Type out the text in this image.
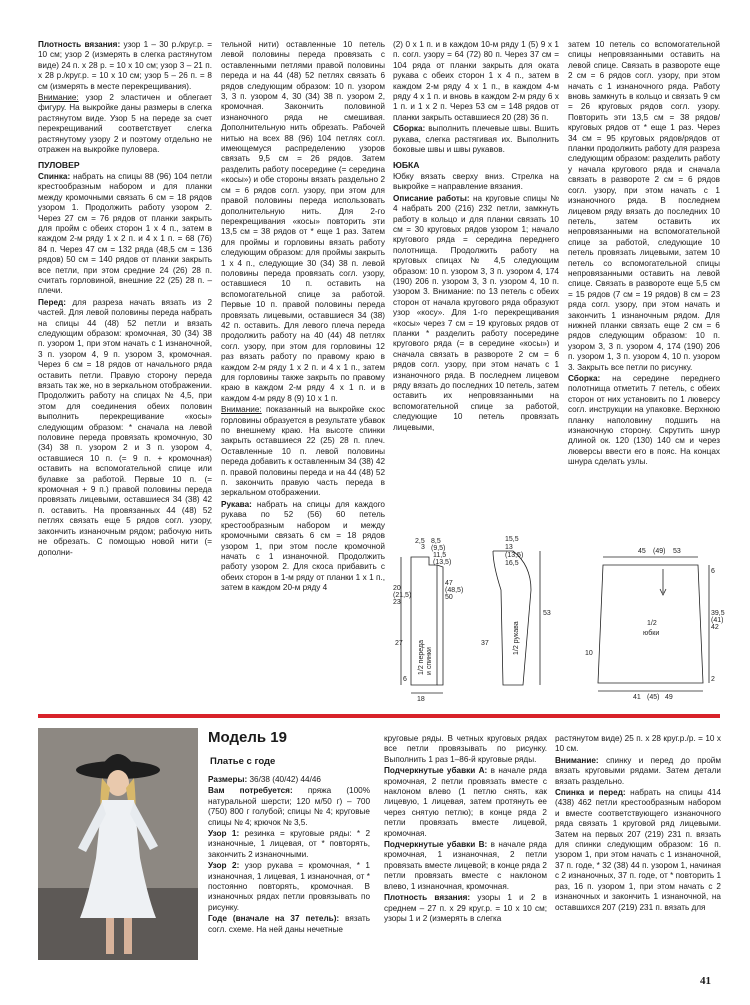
Плотность вязания: узор 1 – 30 р./круг.р. = 10 см; узор 2 (измерять в слегка растянутом виде) 24 п. х 28 р. = 10 х 10 см; узор 3 – 21 п. х 28 р./круг.р. = 10 х 10 см; узор 5 – 26 п. = 8 см (измерять в месте перекрещивания).

Внимание: узор 2 эластичен и облегает фигуру. На выкройке даны размеры в слегка растянутом виде. Узор 5 на переде за счет перекрещиваний соответствует слегка растянутому узору 2 и поэтому отдельно не отражен на выкройке пуловера.

ПУЛОВЕР

Спинка: набрать на спицы 88 (96) 104 петли крестообразным набором и для планки между кромочными связать 6 см = 18 рядов узором 1. Продолжить работу узором 2. Через 27 см = 76 рядов от планки закрыть для пройм с обеих сторон 1 х 4 п., затем в каждом 2-м ряду 1 х 2 п. и 4 х 1 п. = 68 (76) 84 п. Через 47 см = 132 ряда (48,5 см = 136 рядов) 50 см = 140 рядов от планки закрыть все петли, при этом средние 24 (26) 28 п. считать горловиной, внешние 22 (25) 28 п. – плечи.

Перед: для разреза начать вязать из 2 частей. Для левой половины переда набрать на спицы 44 (48) 52 петли и вязать следующим образом: кромочная, 30 (34) 38 п. узором 1, при этом начать с 1 изнаночной, 3 п. узором 4, 9 п. узором 3, кромочная. Через 6 см = 18 рядов от начального ряда оставить петли. Правую сторону переда вязать так же, но в зеркальном отображении. Продолжить работу на спицах № 4,5, при этом для соединения обеих половин выполнить перекрещивание «косы» следующим образом: * сначала на левой половине переда провязать кромочную, 30 (34) 38 п. узором 2 и 3 п. узором 4, оставшиеся 10 п. (= 9 п. + кромочная) оставить на вспомогательной спице или булавке за работой. Первые 10 п. (= кромочная + 9 п.) правой половины переда провязать лицевыми, оставшиеся 34 (38) 42 п. оставить. На провязанных 44 (48) 52 петлях связать еще 5 рядов согл. узору, закончить изнаночным рядом; рабочую нить не обрезать. С помощью новой нити (= дополни-

тельной нити) оставленные 10 петель левой половины переда провязать с оставленными петлями правой половины переда и на 44 (48) 52 петлях связать 6 рядов следующим образом: 10 п. узором 3, 3 п. узором 4, 30 (34) 38 п. узором 2, кромочная. Закончить половиной изнаночного ряда не смешивая. Дополнительную нить обрезать. Рабочей нитью на всех 88 (96) 104 петлях согл. имеющемуся распределению узоров связать 9,5 см = 26 рядов. Затем разделить работу посередине (= середина «косы») и обе стороны вязать раздельно 2 см = 6 рядов согл. узору, при этом для правой половины переда использовать дополнительную нить. Для 2-го перекрещивания «косы» повторить эти 13,5 см = 38 рядов от * еще 1 раз. Затем для проймы и горловины вязать работу следующим образом: для проймы закрыть 1 х 4 п., следующие 30 (34) 38 п. левой половины переда провязать согл. узору, оставшиеся 10 п. оставить на вспомогательной спице за работой. Первые 10 п. правой половины переда провязать лицевыми, оставшиеся 34 (38) 42 п. оставить. Для левого плеча переда продолжить работу на 40 (44) 48 петлях согл. узору, при этом для горловины 12 раз вязать работу по правому краю в каждом 2-м ряду 1 х 2 п. и 4 х 1 п., затем для горловины также закрыть по правому краю в каждом 2-м ряду 4 х 1 п. и в каждом 4-м ряду 8 (9) 10 х 1 п.

Внимание: показанный на выкройке скос горловины образуется в результате убавок по внешнему краю. На высоте спинки закрыть оставшиеся 22 (25) 28 п. плеч. Оставленные 10 п. левой половины переда добавить к оставленным 34 (38) 42 п. правой половины переда и на 44 (48) 52 п. закончить правую часть переда в зеркальном отображении.

Рукава: набрать на спицы для каждого рукава по 52 (56) 60 петель крестообразным набором и между кромочными связать 6 см = 18 рядов узором 1, при этом после кромочной начать с 1 изнаночной. Продолжить работу узором 2. Для скоса прибавить с обеих сторон в 1-м ряду от планки 1 х 1 п., затем в каждом 20-м ряду 4

(2) 0 х 1 п. и в каждом 10-м ряду 1 (5) 9 х 1 п. согл. узору = 64 (72) 80 п. Через 37 см = 104 ряда от планки закрыть для оката рукава с обеих сторон 1 х 4 п., затем в каждом 2-м ряду 4 х 1 п., в каждом 4-м ряду 4 х 1 п. и вновь в каждом 2-м ряду 6 х 1 п. и 1 х 2 п. Через 53 см = 148 рядов от планки закрыть оставшиеся 20 (28) 36 п.

Сборка: выполнить плечевые швы. Вшить рукава, слегка растягивая их. Выполнить боковые швы и швы рукавов.

ЮБКА

Юбку вязать сверху вниз. Стрелка на выкройке = направление вязания.

Описание работы: на круговые спицы № 4 набрать 200 (216) 232 петли, замкнуть работу в кольцо и для планки связать 10 см = 30 круговых рядов узором 1; начало кругового ряда = середина переднего полотнища. Продолжить работу на круговых спицах № 4,5 следующим образом: 10 п. узором 3, 3 п. узором 4, 174 (190) 206 п. узором 3, 3 п. узором 4, 10 п. узором 3. Внимание: по 13 петель с обеих сторон от начала кругового ряда образуют узор «косу». Для 1-го перекрещивания «косы» через 7 см = 19 круговых рядов от планки * разделить работу посередине кругового ряда (= в середине «косы») и сначала связать в развороте 2 см = 6 рядов согл. узору, при этом начать с 1 изнаночного ряда. В последнем лицевом ряду вязать до последних 10 петель, затем оставить их непровязанными на вспомогательной спице за работой, следующие 10 петель провязать лицевыми,

затем 10 петель со вспомогательной спицы непровязанными оставить на левой спице. Связать в развороте еще 2 см = 6 рядов согл. узору, при этом начать с 1 изнаночного ряда. Работу вновь замкнуть в кольцо и связать 9 см = 26 круговых рядов согл. узору. Повторить эти 13,5 см = 38 рядов/круговых рядов от * еще 1 раз. Через 34 см = 95 круговых рядов/рядов от планки продолжить работу для разреза следующим образом: разделить работу у начала кругового ряда и сначала связать в развороте 2 см = 6 рядов согл. узору, при этом начать с 1 изнаночного ряда. В последнем лицевом ряду вязать до последних 10 петель, затем оставить их непровязанными на вспомогательной спице за работой, следующие 10 петель провязать лицевыми, затем 10 петель со вспомогательной спицы непровязанными оставить на левой спице. Связать в развороте еще 5,5 см = 15 рядов (7 см = 19 рядов) 8 см = 23 ряда согл. узору, при этом начать и закончить 1 изнаночным рядом. Для нижней планки связать еще 2 см = 6 рядов следующим образом: 10 п. узором 3, 3 п. узором 4, 174 (190) 206 п. узором 1, 3 п. узором 4, 10 п. узором 3. Закрыть все петли по рисунку.

Сборка: на середине переднего полотнища отметить 7 петель, с обеих сторон от них установить по 1 люверсу согл. инструкции на упаковке. Верхнюю планку наполовину подшить на изнаночную сторону. Скрутить шнур длиной ок. 120 (130) 140 см и через люверсы ввести его в пояс. На концах шнура сделать узлы.

2,5
3
8,5
(9,5)
11,5
(13,5)
15,5
20
(21,5)
23
27
53
18
6
1/2 переда и спинки
47
(48,5)
50
1/2 рукава
37
13
(13,5)
16,5
45 (49) 53
1/2
юбки
6
39,5
(41)
42
2
10
41 (45) 49
Модель 19
Платье с годе

Размеры: 36/38 (40/42) 44/46

Вам потребуется: пряжа (100% натуральной шерсти; 120 м/50 г) – 700 (750) 800 г голубой; спицы № 4; круговые спицы № 4; крючок № 3,5.

Узор 1: резинка = круговые ряды: * 2 изнаночные, 1 лицевая, от * повторять, закончить 2 изнаночными.

Узор 2: узор рукава = кромочная, * 1 изнаночная, 1 лицевая, 1 изнаночная, от * постоянно повторять, кромочная. В изнаночных рядах петли провязывать по рисунку.

Годе (вначале на 37 петель): вязать согл. схеме. На ней даны нечетные

круговые ряды. В четных круговых рядах все петли провязывать по рисунку. Выполнить 1 раз 1–86-й круговые ряды.

Подчеркнутые убавки А: в начале ряда кромочная, 2 петли провязать вместе с наклоном влево (1 петлю снять, как лицевую, 1 лицевая, затем протянуть ее через снятую петлю); в конце ряда 2 петли провязать вместе лицевой, кромочная.

Подчеркнутые убавки В: в начале ряда кромочная, 1 изнаночная, 2 петли провязать вместе лицевой; в конце ряда 2 петли провязать вместе с наклоном влево, 1 изнаночная, кромочная.

Плотность вязания: узоры 1 и 2 в среднем – 27 п. х 29 круг.р. = 10 х 10 см; узоры 1 и 2 (измерять в слегка

растянутом виде) 25 п. х 28 круг.р./р. = 10 х 10 см.

Внимание: спинку и перед до пройм вязать круговыми рядами. Затем детали вязать раздельно.

Спинка и перед: набрать на спицы 414 (438) 462 петли крестообразным набором и вместе соответствующего изнаночного ряда связать 1 круговой ряд лицевыми. Затем на первых 207 (219) 231 п. вязать для спинки следующим образом: 16 п. узором 1, при этом начать с 1 изнаночной, 37 п. годе, * 32 (38) 44 п. узором 1, начиная с 2 изнаночных, 37 п. годе, от * повторить 1 раз, 16 п. узором 1, при этом начать с 2 изнаночных и закончить 1 изнаночной, на оставшихся 207 (219) 231 п. вязать для

41
